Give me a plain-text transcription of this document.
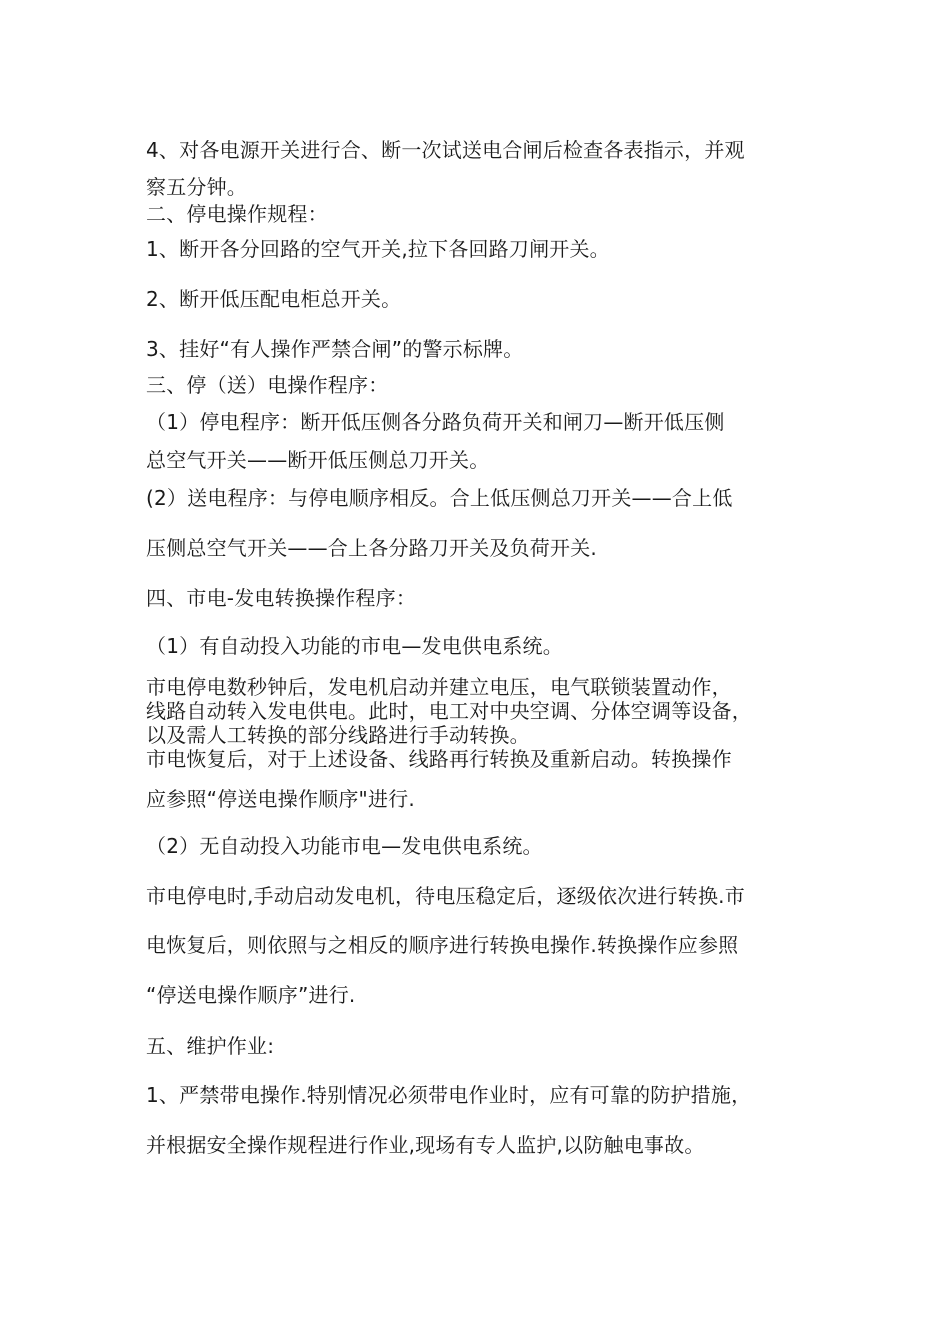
4、对各电源开关进行合、断一次试送电合闸后检查各表指示，并观
察五分钟。
二、停电操作规程：
1、断开各分回路的空气开关,拉下各回路刀闸开关。
2、断开低压配电柜总开关。
3、挂好“有人操作严禁合闸”的警示标牌。
三、停（送）电操作程序：
（1）停电程序：断开低压侧各分路负荷开关和闸刀—断开低压侧
总空气开关——断开低压侧总刀开关。
(2）送电程序：与停电顺序相反。合上低压侧总刀开关——合上低
压侧总空气开关——合上各分路刀开关及负荷开关.
四、市电-发电转换操作程序：
（1）有自动投入功能的市电—发电供电系统。
市电停电数秒钟后，发电机启动并建立电压，电气联锁装置动作，
线路自动转入发电供电。此时，电工对中央空调、分体空调等设备，
以及需人工转换的部分线路进行手动转换。
市电恢复后，对于上述设备、线路再行转换及重新启动。转换操作
应参照“停送电操作顺序"进行.
（2）无自动投入功能市电—发电供电系统。
市电停电时,手动启动发电机，待电压稳定后，逐级依次进行转换.市
电恢复后，则依照与之相反的顺序进行转换电操作.转换操作应参照
“停送电操作顺序”进行.
五、维护作业:
1、严禁带电操作.特别情况必须带电作业时，应有可靠的防护措施，
并根据安全操作规程进行作业,现场有专人监护,以防触电事故。
